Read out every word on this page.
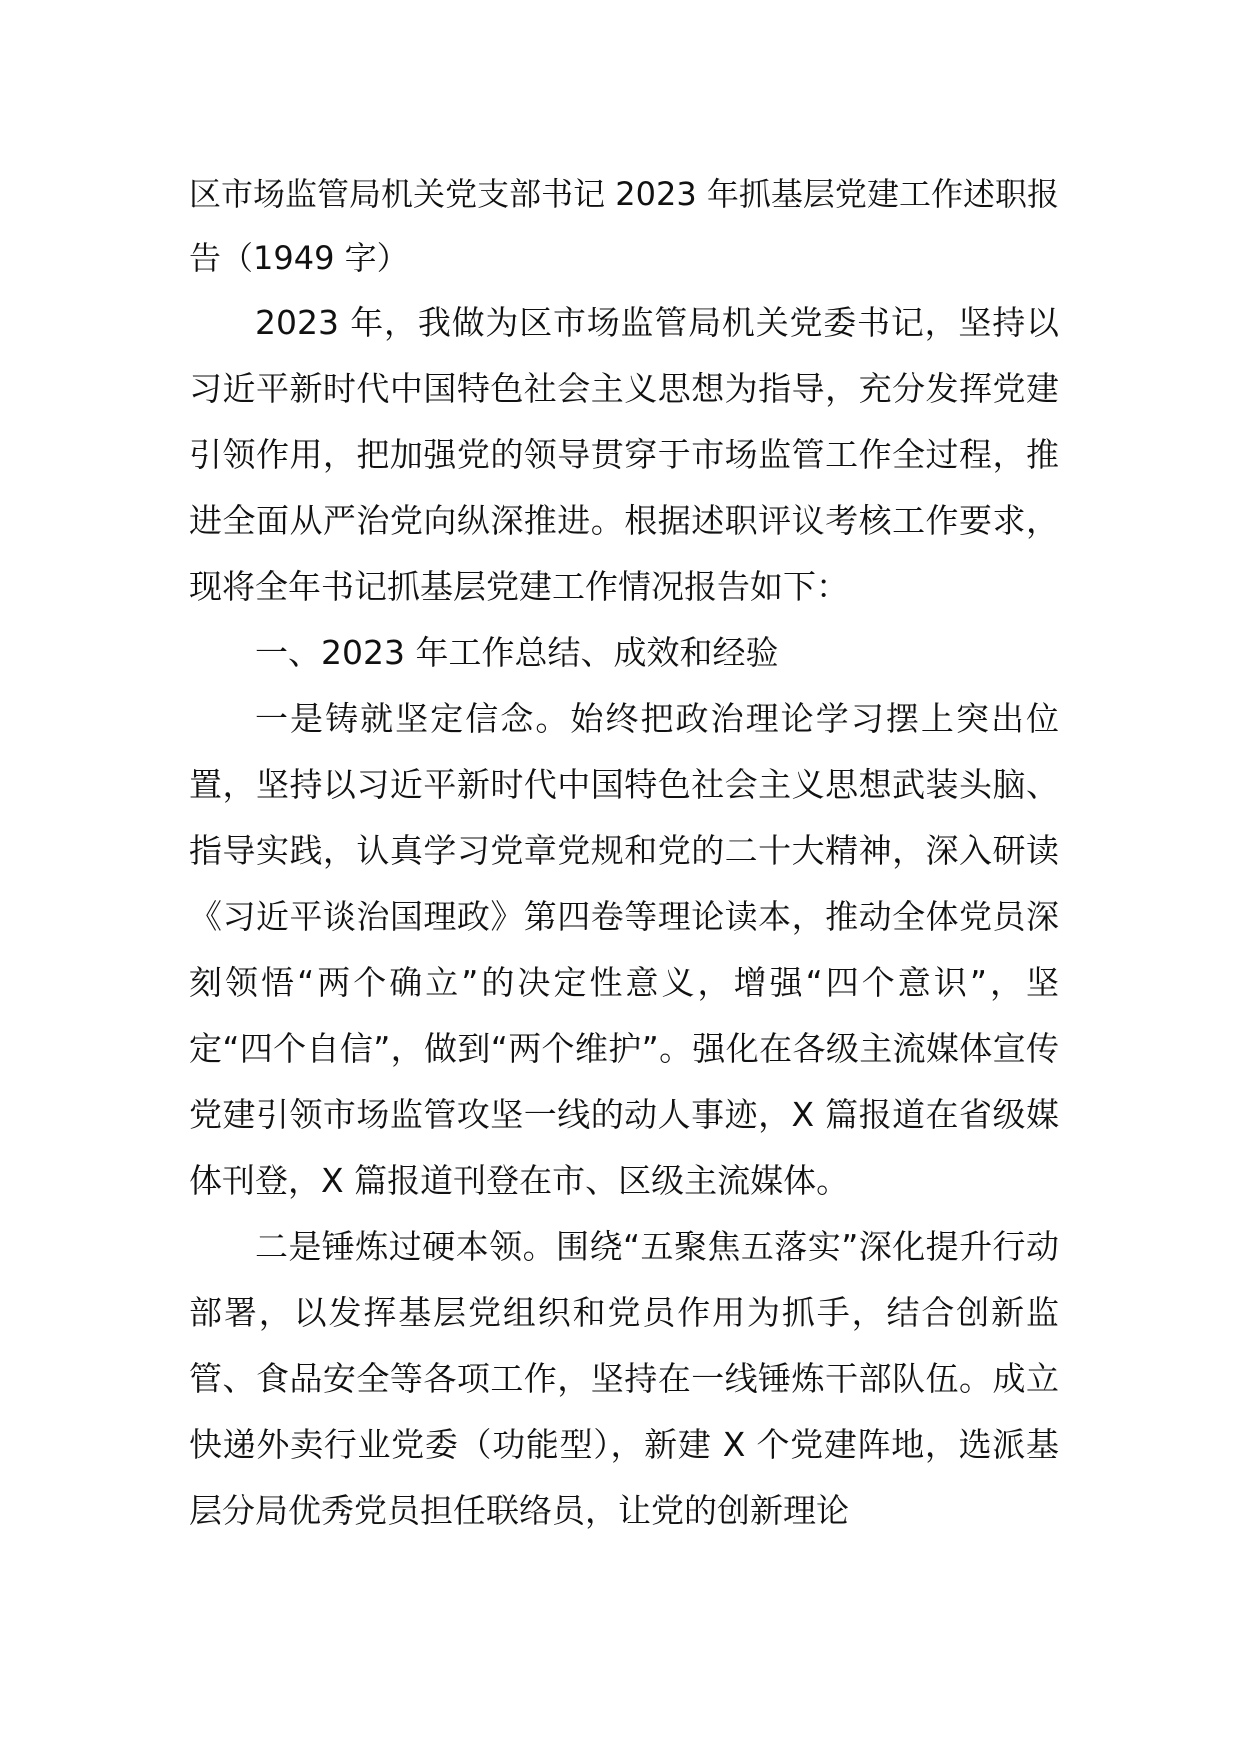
区市场监管局机关党支部书记 2023 年抓基层党建工作述职报告（1949 字）

2023 年，我做为区市场监管局机关党委书记，坚持以习近平新时代中国特色社会主义思想为指导，充分发挥党建引领作用，把加强党的领导贯穿于市场监管工作全过程，推进全面从严治党向纵深推进。根据述职评议考核工作要求，现将全年书记抓基层党建工作情况报告如下：

一、2023 年工作总结、成效和经验

一是铸就坚定信念。始终把政治理论学习摆上突出位置，坚持以习近平新时代中国特色社会主义思想武装头脑、指导实践，认真学习党章党规和党的二十大精神，深入研读《习近平谈治国理政》第四卷等理论读本，推动全体党员深刻领悟“两个确立”的决定性意义，增强“四个意识”，坚定“四个自信”，做到“两个维护”。强化在各级主流媒体宣传党建引领市场监管攻坚一线的动人事迹，X 篇报道在省级媒体刊登，X 篇报道刊登在市、区级主流媒体。

二是锤炼过硬本领。围绕“五聚焦五落实”深化提升行动部署，以发挥基层党组织和党员作用为抓手，结合创新监管、食品安全等各项工作，坚持在一线锤炼干部队伍。成立快递外卖行业党委（功能型），新建 X 个党建阵地，选派基层分局优秀党员担任联络员，让党的创新理论
